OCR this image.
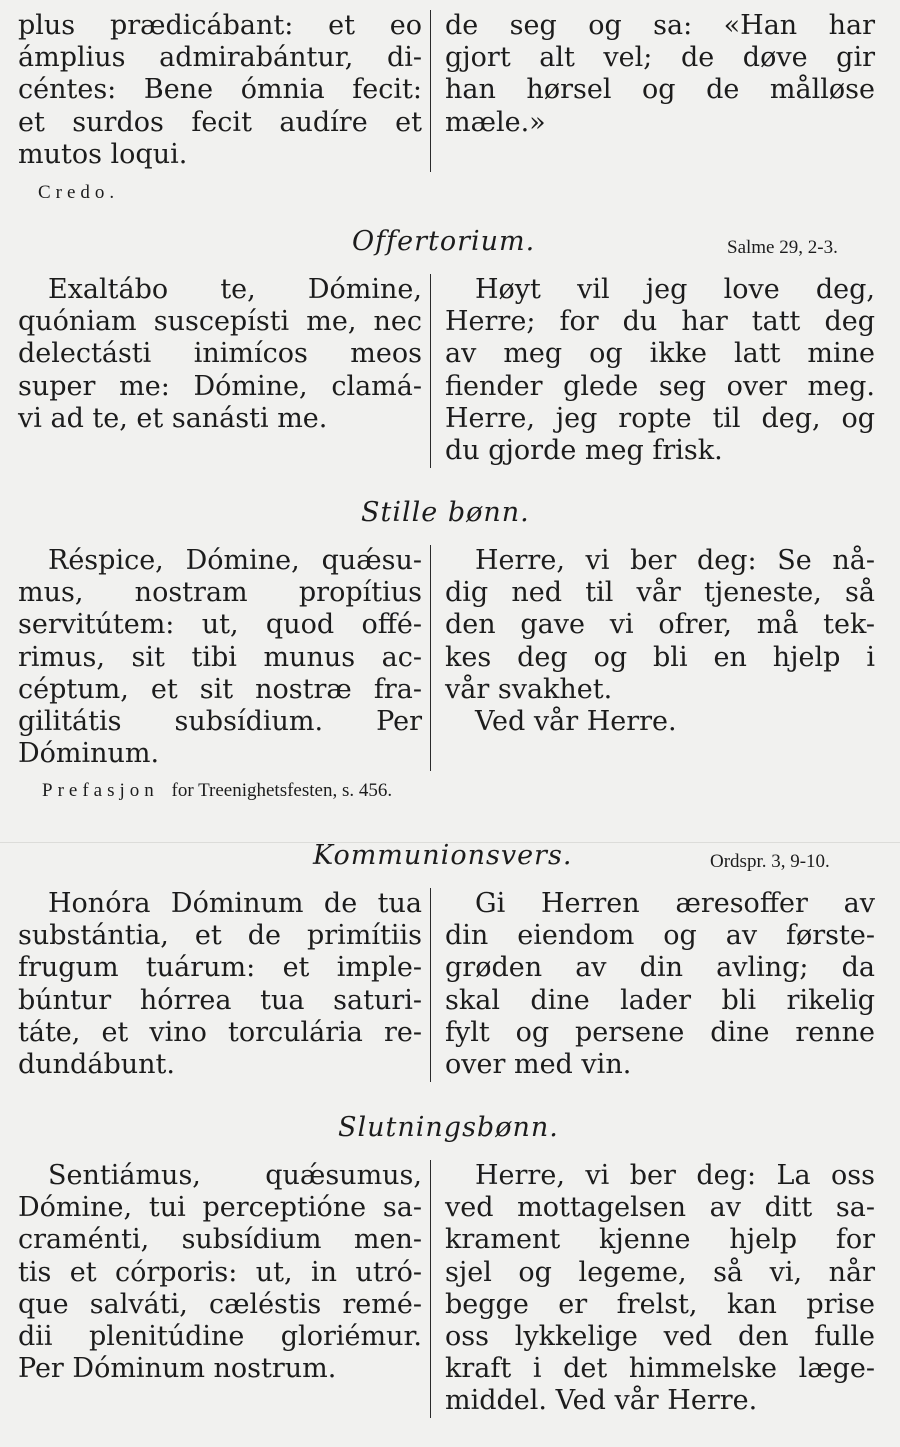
plus prædicábant: et eo
ámplius admirabántur, di-
céntes: Bene ómnia fecit:
et surdos fecit audíre et
mutos loqui.
de seg og sa: «Han har
gjort alt vel; de døve gir
han hørsel og de målløse
mæle.»
Credo.
Offertorium.	Salme 29, 2-3.
Exaltábo te, Dómine,
quóniam suscepísti me, nec
delectásti inimícos meos
super me: Dómine, clamá-
vi ad te, et sanásti me.
Høyt vil jeg love deg,
Herre; for du har tatt deg
av meg og ikke latt mine
fiender glede seg over meg.
Herre, jeg ropte til deg, og
du gjorde meg frisk.
Stille bønn.
Réspice, Dómine, quǽsu-
mus, nostram propítius
servitútem: ut, quod offé-
rimus, sit tibi munus ac-
céptum, et sit nostræ fra-
gilitátis subsídium. Per
Dóminum.
Herre, vi ber deg: Se nå-
dig ned til vår tjeneste, så
den gave vi ofrer, må tek-
kes deg og bli en hjelp i
vår svakhet.
Ved vår Herre.
Prefasjon for Treenighetsfesten, s. 456.
Kommunionsvers.	Ordspr. 3, 9-10.
Honóra Dóminum de tua
substántia, et de primítiis
frugum tuárum: et imple-
búntur hórrea tua saturi-
táte, et vino torculária re-
dundábunt.
Gi Herren æresoffer av
din eiendom og av første-
grøden av din avling; da
skal dine lader bli rikelig
fylt og persene dine renne
over med vin.
Slutningsbønn.
Sentiámus, quǽsumus,
Dómine, tui perceptióne sa-
craménti, subsídium men-
tis et córporis: ut, in utró-
que salváti, cæléstis remé-
dii plenitúdine gloriémur.
Per Dóminum nostrum.
Herre, vi ber deg: La oss
ved mottagelsen av ditt sa-
krament kjenne hjelp for
sjel og legeme, så vi, når
begge er frelst, kan prise
oss lykkelige ved den fulle
kraft i det himmelske læge-
middel. Ved vår Herre.
